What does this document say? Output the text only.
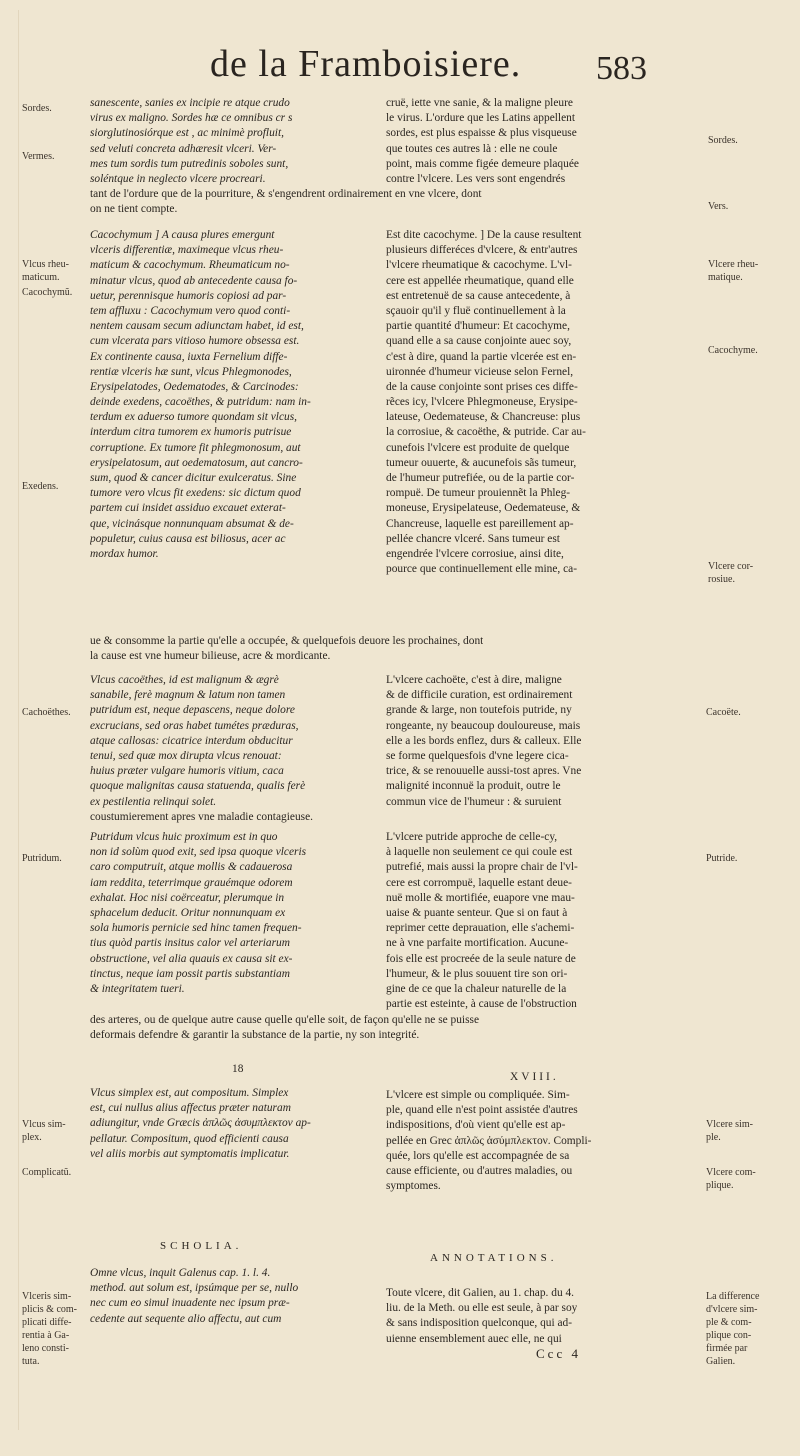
de la Framboisiere. 583
Sordes.
Vermes.
Vlcus rheu-
maticum.
Cacochymũ.
Exedens.
Cachoëthes.
Putridum.
Vlcus sim-
plex.
Complicatũ.
Vlceris sim-
plicis & com-
plicati diffe-
rentia à Ga-
leno consti-
tuta.
Sordes.
Vers.
Vlcere rheu-
matique.
Cacochyme.
Vlcere cor-
rosiue.
Cacoëte.
Putride.
Vlcere sim-
ple.
Vlcere com-
plique.
La difference
d'vlcere sim-
ple & com-
plique con-
firmée par
Galien.
sanescente, sanies ex incipie re atque crudo
virus ex maligno. Sordes hæ ce omnibus cr s
siorglutinosiórque est , ac minimè profluit,
sed veluti concreta adhæresit vlceri. Ver-
mes tum sordis tum putredinis soboles sunt,
soléntque in neglecto vlcere procreari.
cruë, iette vne sanie, & la maligne pleure
le virus. L'ordure que les Latins appellent
sordes, est plus espaisse & plus visqueuse
que toutes ces autres là : elle ne coule
point, mais comme figée demeure plaquée
contre l'vlcere. Les vers sont engendrés
tant de l'ordure que de la pourriture, & s'engendrent ordinairement en vne vlcere, dont
on ne tient compte.
Cacochymum ] A causa plures emergunt
vlceris differentiæ, maximeque vlcus rheu-
maticum & cacochymum. Rheumaticum no-
minatur vlcus, quod ab antecedente causa fo-
uetur, perennisque humoris copiosi ad par-
tem affluxu : Cacochymum vero quod conti-
nentem causam secum adiunctam habet, id est,
cum vlcerata pars vitioso humore obsessa est.
Ex continente causa, iuxta Fernelium diffe-
rentiæ vlceris hæ sunt, vlcus Phlegmonodes,
Erysipelatodes, Oedematodes, & Carcinodes:
deinde exedens, cacoëthes, & putridum: nam in-
terdum ex aduerso tumore quondam sit vlcus,
interdum citra tumorem ex humoris putrisue
corruptione. Ex tumore fit phlegmonosum, aut
erysipelatosum, aut oedematosum, aut cancro-
sum, quod & cancer dicitur exulceratus. Sine
tumore vero vlcus fit exedens: sic dictum quod
partem cui insidet assiduo excauet exterat-
que, vicinásque nonnunquam absumat & de-
populetur, cuius causa est biliosus, acer ac
mordax humor.
Est dite cacochyme. ] De la cause resultent
plusieurs differéces d'vlcere, & entr'autres
l'vlcere rheumatique & cacochyme. L'vl-
cere est appellée rheumatique, quand elle
est entretenuë de sa cause antecedente, à
sçauoir qu'il y fluë continuellement à la
partie quantité d'humeur: Et cacochyme,
quand elle a sa cause conjointe auec soy,
c'est à dire, quand la partie vlcerée est en-
uironnée d'humeur vicieuse selon Fernel,
de la cause conjointe sont prises ces diffe-
rẽces icy, l'vlcere Phlegmoneuse, Erysipe-
lateuse, Oedemateuse, & Chancreuse: plus
la corrosiue, & cacoëthe, & putride. Car au-
cunefois l'vlcere est produite de quelque
tumeur ouuerte, & aucunefois sãs tumeur,
de l'humeur putrefiée, ou de la partie cor-
rompuë. De tumeur prouiennẽt la Phleg-
moneuse, Erysipelateuse, Oedemateuse, &
Chancreuse, laquelle est pareillement ap-
pellée chancre vlceré. Sans tumeur est
engendrée l'vlcere corrosiue, ainsi dite,
pource que continuellement elle mine, ca-
ue & consomme la partie qu'elle a occupée, & quelquefois deuore les prochaines, dont
la cause est vne humeur bilieuse, acre & mordicante.
Vlcus cacoëthes, id est malignum & ægrè
sanabile, ferè magnum & latum non tamen
putridum est, neque depascens, neque dolore
excrucians, sed oras habet tumétes præduras,
atque callosas: cicatrice interdum obducitur
tenui, sed quæ mox dirupta vlcus renouat:
huius præter vulgare humoris vitium, caca
quoque malignitas causa statuenda, qualis ferè
ex pestilentia relinqui solet.
L'vlcere cachoëte, c'est à dire, maligne
& de difficile curation, est ordinairement
grande & large, non toutefois putride, ny
rongeante, ny beaucoup douloureuse, mais
elle a les bords enflez, durs & calleux. Elle
se forme quelquesfois d'vne legere cica-
trice, & se renouuelle aussi-tost apres. Vne
malignité inconnuë la produit, outre le
commun vice de l'humeur : & suruient
coustumierement apres vne maladie contagieuse.
Putridum vlcus huic proximum est in quo
non id solùm quod exit, sed ipsa quoque vlceris
caro computruit, atque mollis & cadauerosa
iam reddita, teterrimque grauémque odorem
exhalat. Hoc nisi coërceatur, plerumque in
sphacelum deducit. Oritur nonnunquam ex
sola humoris pernicie sed hinc tamen frequen-
tius quòd partis insitus calor vel arteriarum
obstructione, vel alia quauis ex causa sit ex-
tinctus, neque iam possit partis substantiam
& integritatem tueri.
L'vlcere putride approche de celle-cy,
à laquelle non seulement ce qui coule est
putrefié, mais aussi la propre chair de l'vl-
cere est corrompuë, laquelle estant deue-
nuë molle & mortifiée, euapore vne mau-
uaise & puante senteur. Que si on faut à
reprimer cette deprauation, elle s'achemi-
ne à vne parfaite mortification. Aucune-
fois elle est procreée de la seule nature de
l'humeur, & le plus souuent tire son ori-
gine de ce que la chaleur naturelle de la
partie est esteinte, à cause de l'obstruction
des arteres, ou de quelque autre cause quelle qu'elle soit, de façon qu'elle ne se puisse
deformais defendre & garantir la substance de la partie, ny son integrité.
18
XVIII.
Vlcus simplex est, aut compositum. Simplex
est, cui nullus alius affectus præter naturam
adiungitur, vnde Græcis ἁπλῶς ἀσυμπλεκτον ap-
pellatur. Compositum, quod efficienti causa
vel aliis morbis aut symptomatis implicatur.
L'vlcere est simple ou compliquée. Sim-
ple, quand elle n'est point assistée d'autres
indispositions, d'où vient qu'elle est ap-
pellée en Grec ἁπλῶς ἀσύμπλεκτον. Compli-
quée, lors qu'elle est accompagnée de sa
cause efficiente, ou d'autres maladies, ou
symptomes.
SCHOLIA.
ANNOTATIONS.
Omne vlcus, inquit Galenus cap. 1. l. 4.
method. aut solum est, ipsúmque per se, nullo
nec cum eo simul inuadente nec ipsum præ-
cedente aut sequente alio affectu, aut cum
Toute vlcere, dit Galien, au 1. chap. du 4.
liu. de la Meth. ou elle est seule, à par soy
& sans indisposition quelconque, qui ad-
uienne ensemblement auec elle, ne qui
Ccc 4
